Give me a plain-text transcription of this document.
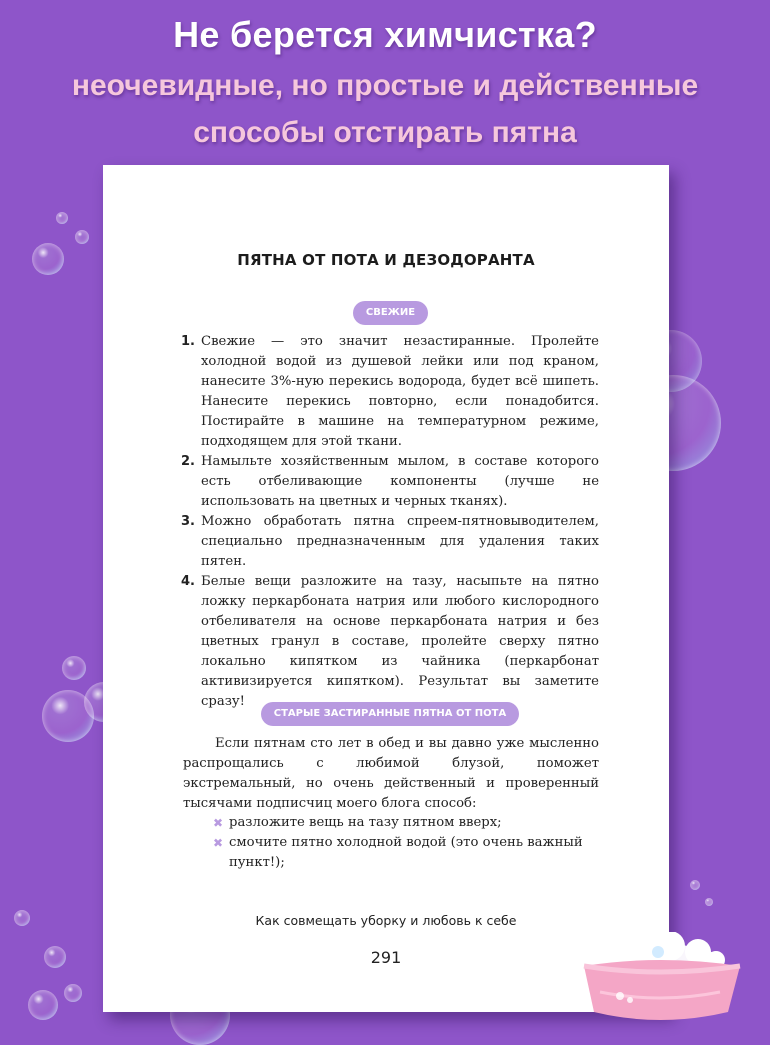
Не берется химчистка?
неочевидные, но простые и действенные
способы отстирать пятна
ПЯТНА ОТ ПОТА И ДЕЗОДОРАНТА
СВЕЖИЕ
1. Свежие — это значит незастиранные. Пролейте холодной водой из душевой лейки или под краном, нанесите 3%-ную перекись водорода, будет всё шипеть. Нанесите перекись повторно, если понадобится. Постирайте в машине на температурном режиме, подходящем для этой ткани.
2. Намыльте хозяйственным мылом, в составе которого есть отбеливающие компоненты (лучше не использовать на цветных и черных тканях).
3. Можно обработать пятна спреем-пятновыводителем, специально предназначенным для удаления таких пятен.
4. Белые вещи разложите на тазу, насыпьте на пятно ложку перкарбоната натрия или любого кислородного отбеливателя на основе перкарбоната натрия и без цветных гранул в составе, пролейте сверху пятно локально кипятком из чайника (перкарбонат активизируется кипятком). Результат вы заметите сразу!
СТАРЫЕ ЗАСТИРАННЫЕ ПЯТНА ОТ ПОТА
Если пятнам сто лет в обед и вы давно уже мысленно распрощались с любимой блузой, поможет экстремальный, но очень действенный и проверенный тысячами подписчиц моего блога способ:
✖ разложите вещь на тазу пятном вверх;
✖ смочите пятно холодной водой (это очень важный пункт!);
Как совмещать уборку и любовь к себе
291
